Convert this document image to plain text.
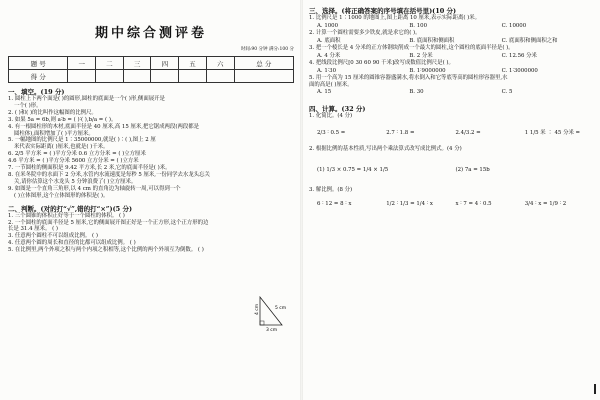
期中综合测评卷
时间:90 分钟 满分:100 分
题 号	一	二	三	四	五	六	总 分
得 分							
一、填空。(19 分)
1. 圆柱上下两个面是( )的圆形,圆柱的底面是一个( )形,侧面展开是
一个( )形。
2. ( )和( )的比叫作这幅图的比例尺。
3. 如果 5a = 6b,则 a∶b = ( )∶( ),b/a = ( )。
4. 有一根圆柱形的木材,底面半径是 40 厘米,高 15 厘米,把它锯成两段(两段都是
圆柱体),面积增加了( )平方厘米。
5. 一幅地图的比例尺是 1∶35000000,就是( )∶( ),图上 2 厘
米代表实际距离( )厘米,也就是( )千米。
6. 2/5 平方米 = ( )平方分米 0.6 立方分米 = ( )立方厘米
4.6 平方米 = ( )平方分米 5600 立方分米 = ( )立方米
7. 一节圆柱的侧面积是 9.42 平方米,长 2 米,它的底面半径是( )米。
8. 在米冬院中的水面下 2 分米,水管内水流速度是每秒 5 厘米,一份同学去水龙头忘关
关,请你估算这个水龙头 5 分钟浪费了( )立方厘米。
9. 如图是一个直角三角形,以 4 cm 的直角边为轴旋转一周,可以得到一个
( )立体图形,这个立体图形的体积是( )。
二、判断。(对的打“√”,错的打“×”)(5 分)
1. 三个圆锥的体积正好等于一个圆柱的体积。 ( )
2. 一个圆柱的底面半径是 5 厘米,它的侧面展开图正好是一个正方形,这个正方形的边
长是 31.4 厘米。 ( )
3. 任意两个圆柱不可以组成比例。 ( )
4. 任意两个圆的周长和直径的比都可以组成比例。 ( )
5. 在比例里,两个外项之积与两个内项之积相等,这个比例的两个外项互为倒数。 ( )
4 cm	5 cm
3 cm
三、选择。(将正确答案的序号填在括号里)(10 分)
1. 比例尺是 1∶1000 的地图上,图上距离 10 厘米,表示实际距离( )米。
A. 1000	B. 100	C. 10000
2. 计算一个圆柱需要多少铁皮,就是求它的( )。
A. 底面积	B. 底面积和侧面积	C. 底面积和侧面积之和
3. 把一个棱长是 4 分米的正方体钢块削成一个最大的圆柱,这个圆柱的底面半径是( )。
A. 4 分米	B. 2 分米	C. 12.56 分米
4. 把线段比例尺[0 30 60 90 千米]改写成数值比例尺是( )。
A. 1∶30	B. 1∶9000000	C. 1∶3000000
5. 用一个高为 15 厘米的圆锥容器盛满水,将水倒入和它等底等高的圆柱形容器里,水
面的高是( )厘米。
A. 15	B. 30	C. 5
四、计算。(32 分)
1. 化简比。(4 分)
2/3 ∶ 0.5 =	2.7 ∶ 1.8 =	2.4/3.2 =	1 1/5 米 ∶ 45 分米 =
2. 根据比例的基本性质,写出两个乘法算式改写成比例式。(4 分)
(1) 1/3 × 0.75 = 1/4 × 1/5	(2) 7a = 15b
3. 解比例。(8 分)
6 ∶ 12 = 8 ∶ x	1/2 ∶ 1/3 = 1/4 ∶ x	x ∶ 7 = 4 ∶ 0.5	3/4 ∶ x = 1/9 ∶ 2
